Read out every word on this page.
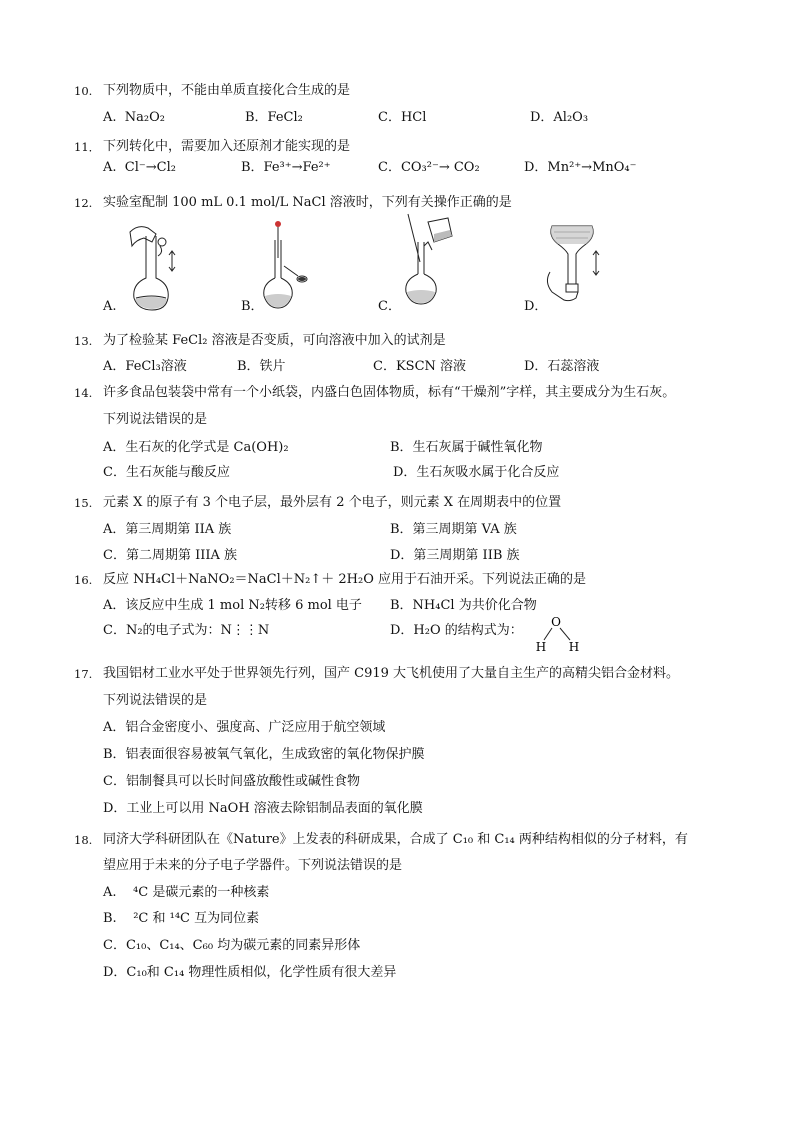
10. 下列物质中，不能由单质直接化合生成的是
A.  Na₂O₂	B．FeCl₂	C．HCl	D．Al₂O₃
11． 下列转化中，需要加入还原剂才能实现的是
A.  Cl⁻→Cl₂	B．Fe³⁺→Fe²⁺	C．CO₃²⁻→ CO₂	D．Mn²⁺→MnO₄⁻
12. 实验室配制 100 mL 0.1 mol/L NaCl 溶液时，下列有关操作正确的是
A.	B．	C．	D．
13. 为了检验某 FeCl₂ 溶液是否变质，可向溶液中加入的试剂是
A．FeCl₃溶液	B．铁片	C．KSCN 溶液	D．石蕊溶液
14. 许多食品包装袋中常有一个小纸袋，内盛白色固体物质，标有“干燥剂”字样，其主要成分为生石灰。
下列说法错误的是
A．生石灰的化学式是 Ca(OH)₂	B．生石灰属于碱性氧化物
C．生石灰能与酸反应	D．生石灰吸水属于化合反应
15. 元素 X 的原子有 3 个电子层，最外层有 2 个电子，则元素 X 在周期表中的位置
A．第三周期第 IIA 族	B．第三周期第 VA 族
C．第二周期第 IIIA 族	D．第三周期第 IIB 族
16. 反应 NH₄Cl＋NaNO₂＝NaCl＋N₂↑＋ 2H₂O 应用于石油开采。下列说法正确的是
A．该反应中生成 1 mol N₂转移 6 mol 电子 B．NH₄Cl 为共价化合物
C．N₂的电子式为：N⋮⋮N	D．H₂O 的结构式为：
O
H H
17. 我国铝材工业水平处于世界领先行列，国产 C919 大飞机使用了大量自主生产的高精尖铝合金材料。
下列说法错误的是
A．铝合金密度小、强度高、广泛应用于航空领域
B．铝表面很容易被氧气氧化，生成致密的氧化物保护膜
C．铝制餐具可以长时间盛放酸性或碱性食物
D．工业上可以用 NaOH 溶液去除铝制品表面的氧化膜
18. 同济大学科研团队在《Nature》上发表的科研成果，合成了 C₁₀ 和 C₁₄ 两种结构相似的分子材料，有
望应用于未来的分子电子学器件。下列说法错误的是
A.    ⁴C 是碳元素的一种核素
B.    ²C 和 ¹⁴C 互为同位素
C．C₁₀、C₁₄、C₆₀ 均为碳元素的同素异形体
D．C₁₀和 C₁₄ 物理性质相似，化学性质有很大差异
